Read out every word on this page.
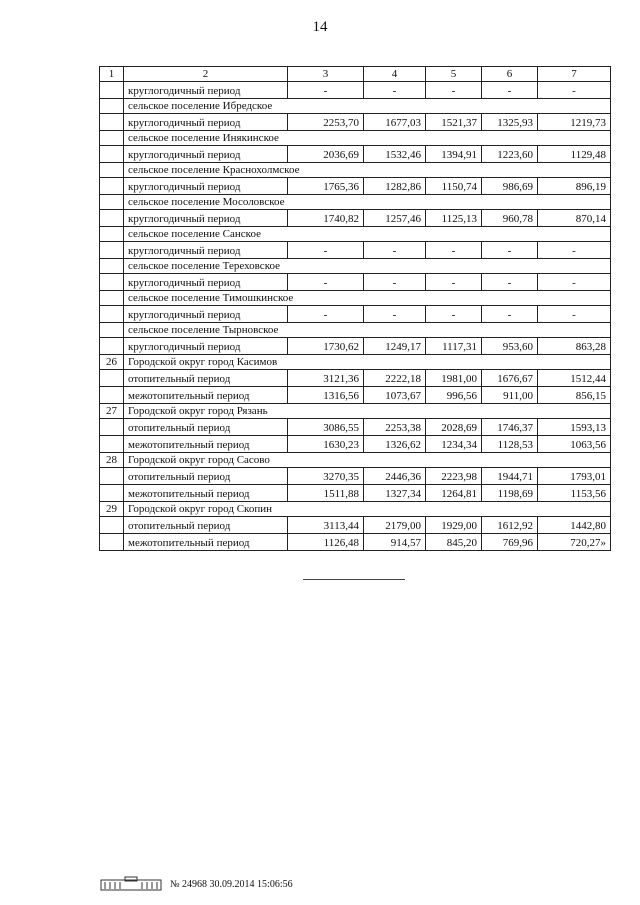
14
1	2	3	4	5	6	7
	круглогодичный период	-	-	-	-	-
	сельское поселение Ибредское					
	круглогодичный период	2253,70	1677,03	1521,37	1325,93	1219,73
	сельское поселение Инякинское					
	круглогодичный период	2036,69	1532,46	1394,91	1223,60	1129,48
	сельское поселение Краснохолмское					
	круглогодичный период	1765,36	1282,86	1150,74	986,69	896,19
	сельское поселение Мосоловское					
	круглогодичный период	1740,82	1257,46	1125,13	960,78	870,14
	сельское поселение Санское					
	круглогодичный период	-	-	-	-	-
	сельское поселение Тереховское					
	круглогодичный период	-	-	-	-	-
	сельское поселение Тимошкинское					
	круглогодичный период	-	-	-	-	-
	сельское поселение Тырновское					
	круглогодичный период	1730,62	1249,17	1117,31	953,60	863,28
26	Городской округ город Касимов					
	отопительный период	3121,36	2222,18	1981,00	1676,67	1512,44
	межотопительный период	1316,56	1073,67	996,56	911,00	856,15
27	Городской округ город Рязань					
	отопительный период	3086,55	2253,38	2028,69	1746,37	1593,13
	межотопительный период	1630,23	1326,62	1234,34	1128,53	1063,56
28	Городской округ город Сасово					
	отопительный период	3270,35	2446,36	2223,98	1944,71	1793,01
	межотопительный период	1511,88	1327,34	1264,81	1198,69	1153,56
29	Городской округ город Скопин					
	отопительный период	3113,44	2179,00	1929,00	1612,92	1442,80
	межотопительный период	1126,48	914,57	845,20	769,96	720,27»
№ 24968 30.09.2014 15:06:56
